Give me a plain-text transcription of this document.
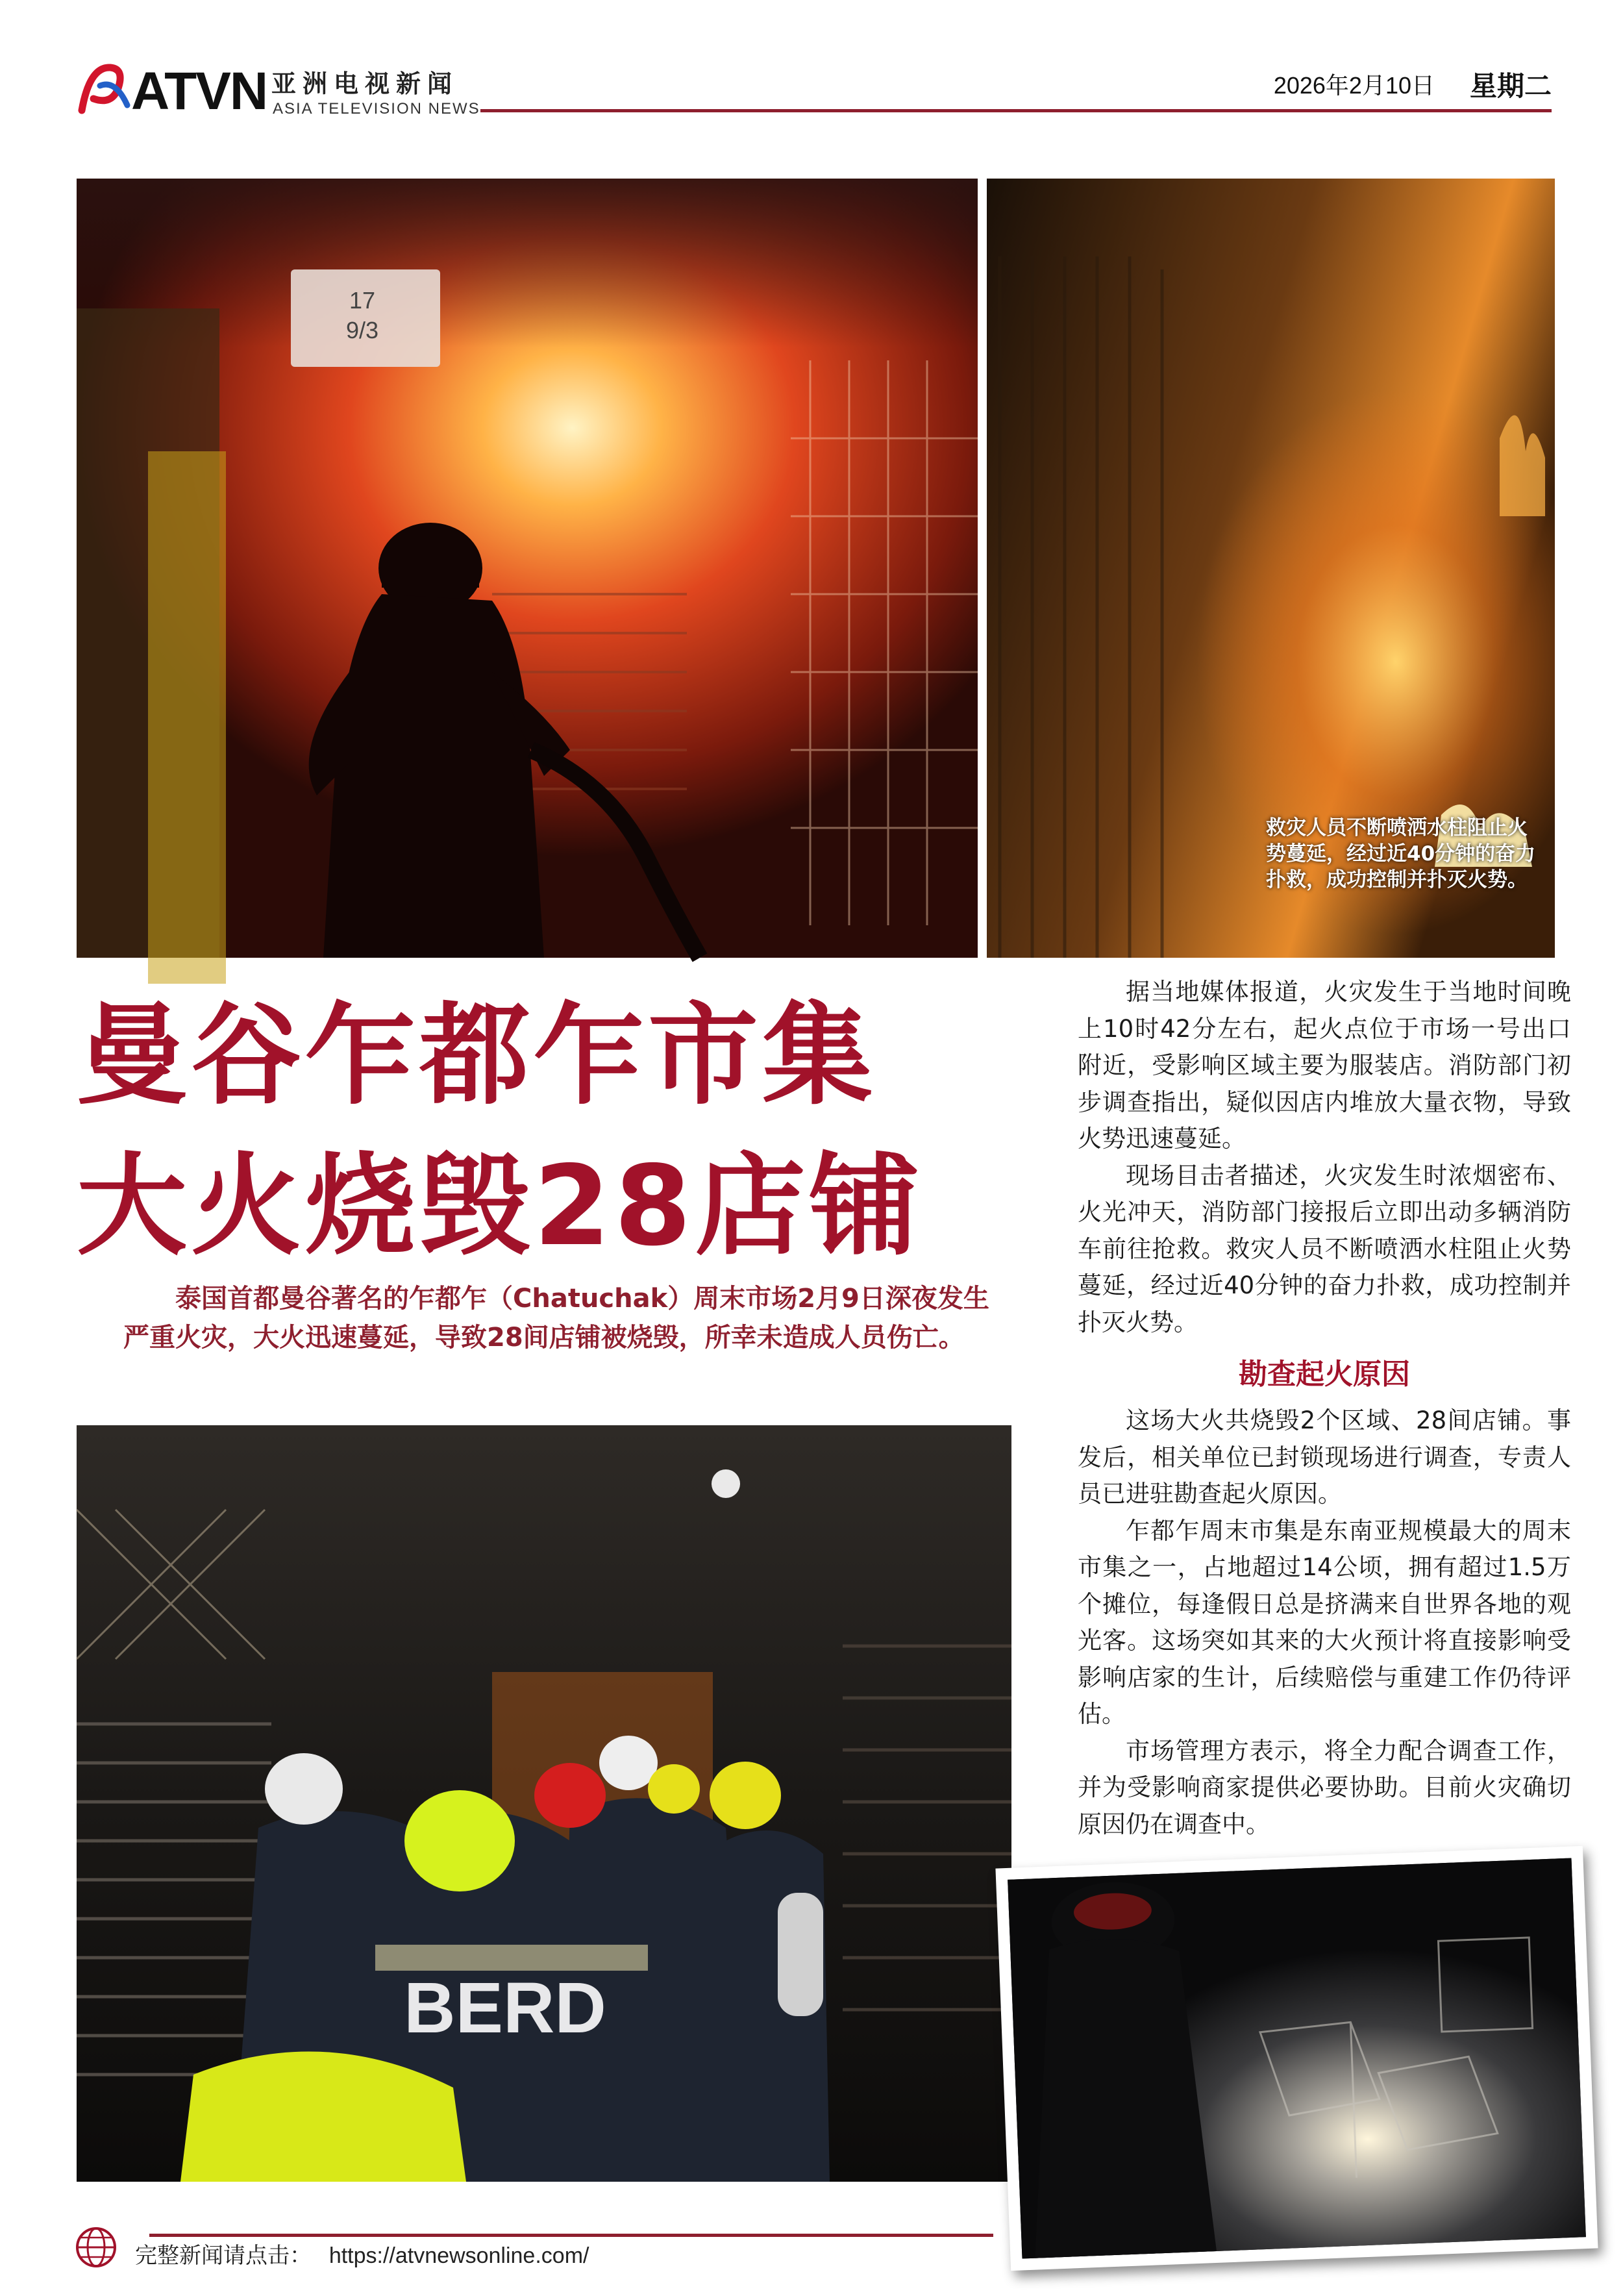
ATVN 亚洲电视新闻
ASIA TELEVISION NEWS
2026年2月10日 星期二
17 9/3
救灾人员不断喷洒水柱阻止火势蔓延，经过近40分钟的奋力扑救，成功控制并扑灭火势。
曼谷乍都乍市集
大火烧毁28店铺

泰国首都曼谷著名的乍都乍（Chatuchak）周末市场2月9日深夜发生严重火灾，大火迅速蔓延，导致28间店铺被烧毁，所幸未造成人员伤亡。

据当地媒体报道，火灾发生于当地时间晚上10时42分左右，起火点位于市场一号出口附近，受影响区域主要为服装店。消防部门初步调查指出，疑似因店内堆放大量衣物，导致火势迅速蔓延。

现场目击者描述，火灾发生时浓烟密布、火光冲天，消防部门接报后立即出动多辆消防车前往抢救。救灾人员不断喷洒水柱阻止火势蔓延，经过近40分钟的奋力扑救，成功控制并扑灭火势。

勘查起火原因

这场大火共烧毁2个区域、28间店铺。事发后，相关单位已封锁现场进行调查，专责人员已进驻勘查起火原因。

乍都乍周末市集是东南亚规模最大的周末市集之一，占地超过14公顷，拥有超过1.5万个摊位，每逢假日总是挤满来自世界各地的观光客。这场突如其来的大火预计将直接影响受影响店家的生计，后续赔偿与重建工作仍待评估。

市场管理方表示，将全力配合调查工作，并为受影响商家提供必要协助。目前火灾确切原因仍在调查中。

BERD
完整新闻请点击： https://atvnewsonline.com/
